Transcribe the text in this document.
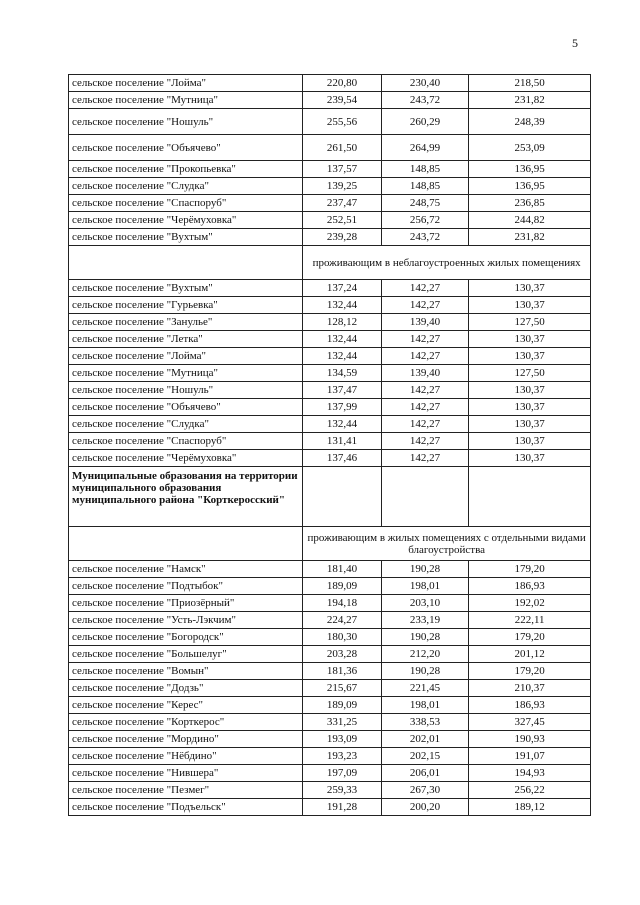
5
сельское поселение "Лойма"	220,80	230,40	218,50
сельское поселение "Мутница"	239,54	243,72	231,82
сельское поселение "Ношуль"	255,56	260,29	248,39
сельское поселение "Объячево"	261,50	264,99	253,09
сельское поселение "Прокопьевка"	137,57	148,85	136,95
сельское поселение "Слудка"	139,25	148,85	136,95
сельское поселение "Спаспоруб"	237,47	248,75	236,85
сельское поселение "Черёмуховка"	252,51	256,72	244,82
сельское поселение "Вухтым"	239,28	243,72	231,82
	проживающим в неблагоустроенных жилых помещениях		
сельское поселение "Вухтым"	137,24	142,27	130,37
сельское поселение "Гурьевка"	132,44	142,27	130,37
сельское поселение "Занулье"	128,12	139,40	127,50
сельское поселение "Летка"	132,44	142,27	130,37
сельское поселение "Лойма"	132,44	142,27	130,37
сельское поселение "Мутница"	134,59	139,40	127,50
сельское поселение "Ношуль"	137,47	142,27	130,37
сельское поселение "Объячево"	137,99	142,27	130,37
сельское поселение "Слудка"	132,44	142,27	130,37
сельское поселение "Спаспоруб"	131,41	142,27	130,37
сельское поселение "Черёмуховка"	137,46	142,27	130,37
Муниципальные образования на территории муниципального образования муниципального района "Корткеросский"			
	проживающим в жилых помещениях с отдельными видами благоустройства		
сельское поселение "Намск"	181,40	190,28	179,20
сельское поселение "Подтыбок"	189,09	198,01	186,93
сельское поселение "Приозёрный"	194,18	203,10	192,02
сельское поселение "Усть-Лэкчим"	224,27	233,19	222,11
сельское поселение "Богородск"	180,30	190,28	179,20
сельское поселение "Большелуг"	203,28	212,20	201,12
сельское поселение "Вомын"	181,36	190,28	179,20
сельское поселение "Додзь"	215,67	221,45	210,37
сельское поселение "Керес"	189,09	198,01	186,93
сельское поселение "Корткерос"	331,25	338,53	327,45
сельское поселение "Мордино"	193,09	202,01	190,93
сельское поселение "Нёбдино"	193,23	202,15	191,07
сельское поселение "Нившера"	197,09	206,01	194,93
сельское поселение "Пезмег"	259,33	267,30	256,22
сельское поселение "Подъельск"	191,28	200,20	189,12
